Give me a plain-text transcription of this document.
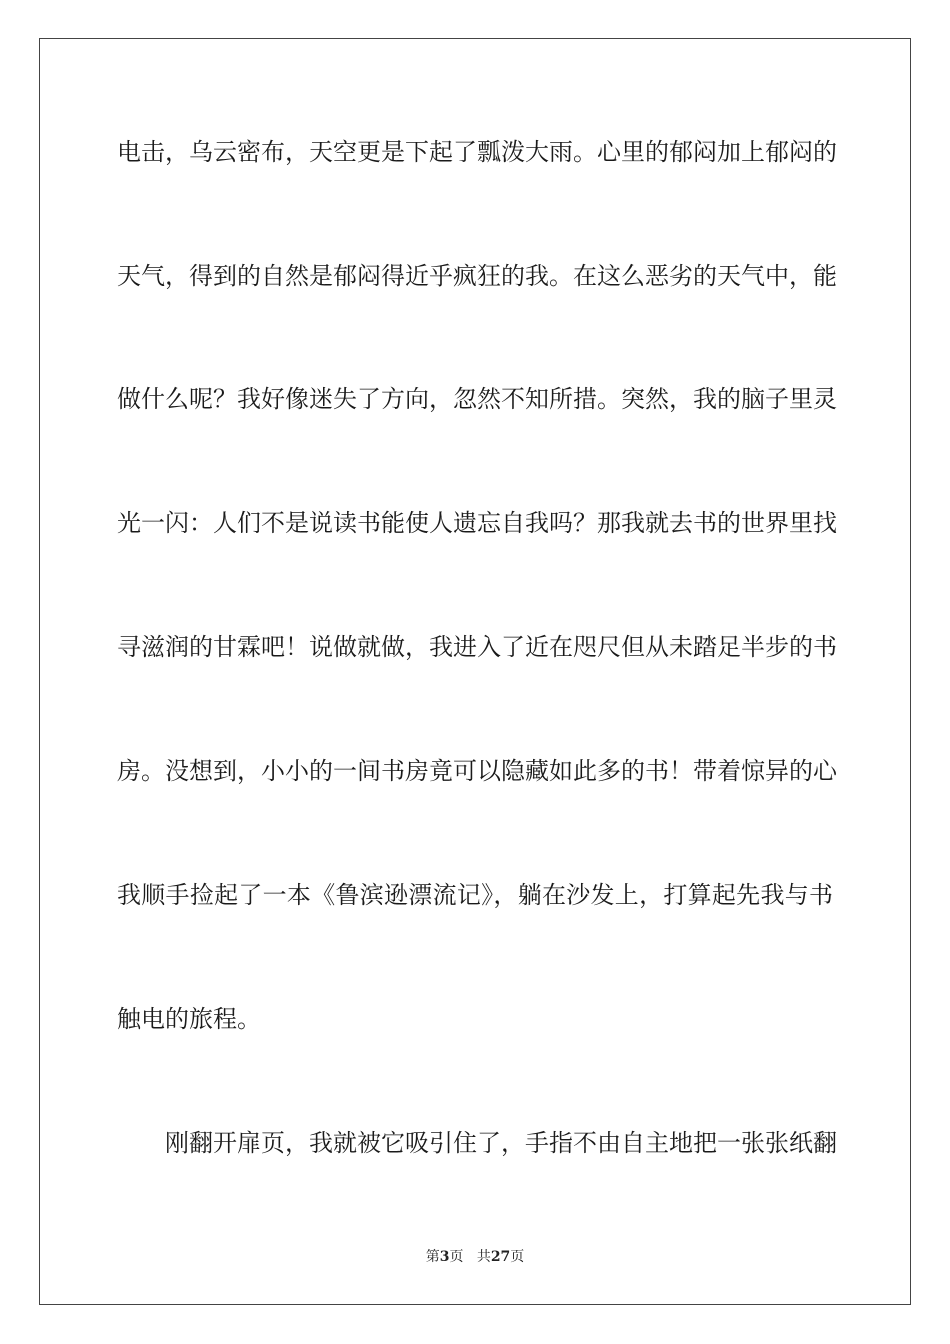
电击，乌云密布，天空更是下起了瓢泼大雨。心里的郁闷加上郁闷的
天气，得到的自然是郁闷得近乎疯狂的我。在这么恶劣的天气中，能
做什么呢？我好像迷失了方向，忽然不知所措。突然，我的脑子里灵
光一闪：人们不是说读书能使人遗忘自我吗？那我就去书的世界里找
寻滋润的甘霖吧！说做就做，我进入了近在咫尺但从未踏足半步的书
房。没想到，小小的一间书房竟可以隐藏如此多的书！带着惊异的心
我顺手捡起了一本《鲁滨逊漂流记》，躺在沙发上，打算起先我与书
触电的旅程。
刚翻开扉页，我就被它吸引住了，手指不由自主地把一张张纸翻
第3页 共27页
